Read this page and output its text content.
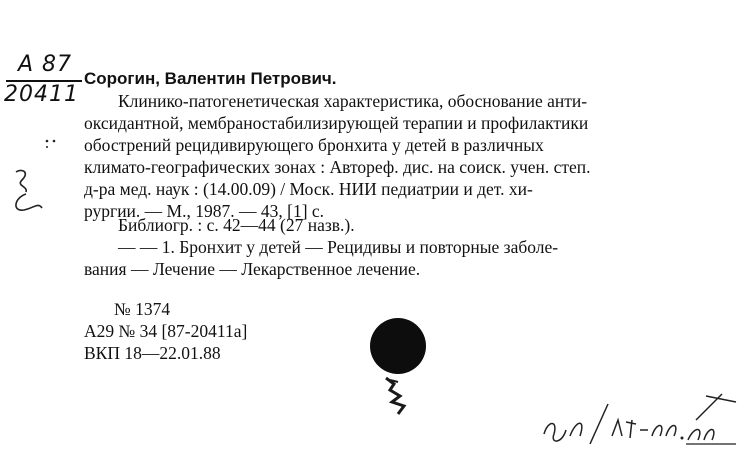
A 87
20411

Сорогин, Валентин Петрович.

Клинико-патогенетическая характеристика, обоснование анти-

оксидантной, мембраностабилизирующей терапии и профилактики

обострений рецидивирующего бронхита у детей в различных

климато-географических зонах : Автореф. дис. на соиск. учен. степ.

д-ра мед. наук : (14.00.09) / Моск. НИИ педиатрии и дет. хи-

рургии. — М., 1987. — 43, [1] с.

Библиогр. : с. 42—44 (27 назв.).

— — 1. Бронхит у детей — Рецидивы и повторные заболе-

вания — Лечение — Лекарственное лечение.

№ 1374

А29 № 34 [87-20411а]

ВКП 18—22.01.88
